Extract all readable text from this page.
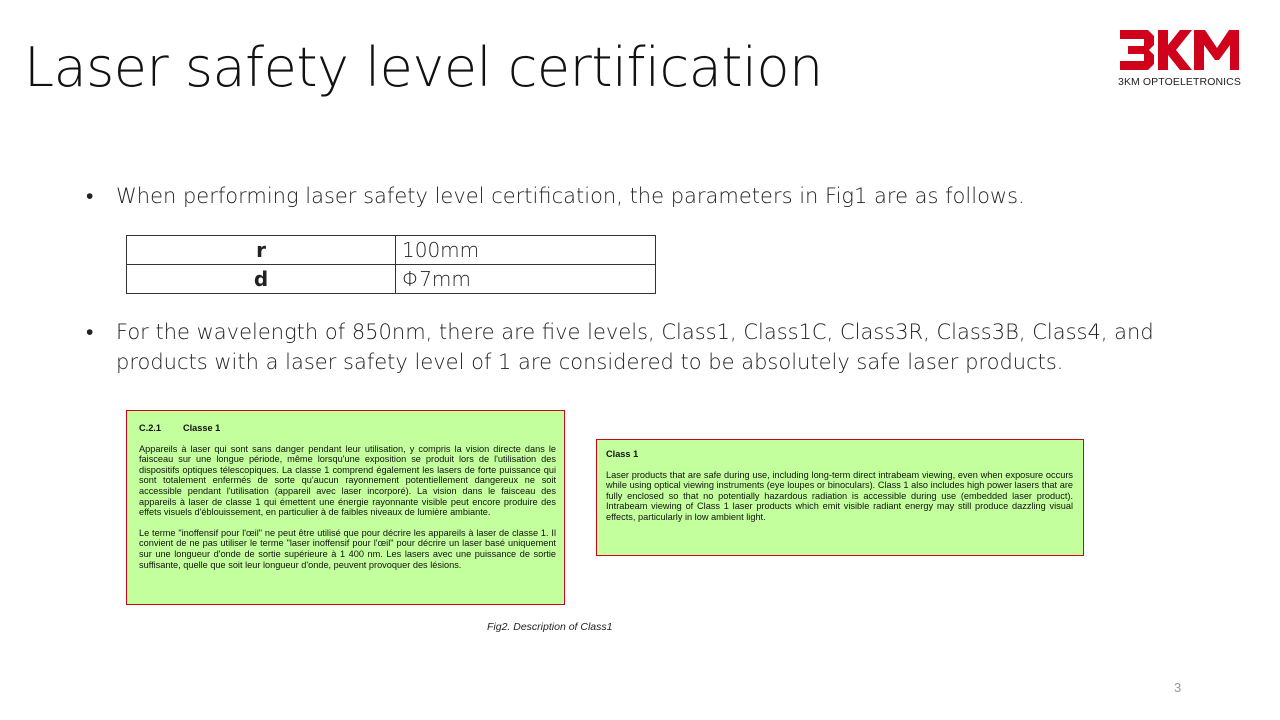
Laser safety level certification	3KM OPTOELETRONICS
• When performing laser safety level certification, the parameters in Fig1 are as follows.
r	100mm
d	Φ7mm
• For the wavelength of 850nm, there are five levels, Class1, Class1C, Class3R, Class3B, Class4, and products with a laser safety level of 1 are considered to be absolutely safe laser products.
C.2.1 Classe 1

Appareils à laser qui sont sans danger pendant leur utilisation, y compris la vision directe dans le faisceau sur une longue période, même lorsqu'une exposition se produit lors de l'utilisation des dispositifs optiques télescopiques. La classe 1 comprend également les lasers de forte puissance qui sont totalement enfermés de sorte qu'aucun rayonnement potentiellement dangereux ne soit accessible pendant l'utilisation (appareil avec laser incorporé). La vision dans le faisceau des appareils à laser de classe 1 qui émettent une énergie rayonnante visible peut encore produire des effets visuels d'éblouissement, en particulier à de faibles niveaux de lumière ambiante.

Le terme "inoffensif pour l'œil" ne peut être utilisé que pour décrire les appareils à laser de classe 1. Il convient de ne pas utiliser le terme "laser inoffensif pour l'œil" pour décrire un laser basé uniquement sur une longueur d'onde de sortie supérieure à 1 400 nm. Les lasers avec une puissance de sortie suffisante, quelle que soit leur longueur d'onde, peuvent provoquer des lésions.

Class 1

Laser products that are safe during use, including long-term direct intrabeam viewing, even when exposure occurs while using optical viewing instruments (eye loupes or binoculars). Class 1 also includes high power lasers that are fully enclosed so that no potentially hazardous radiation is accessible during use (embedded laser product). Intrabeam viewing of Class 1 laser products which emit visible radiant energy may still produce dazzling visual effects, particularly in low ambient light.

Fig2. Description of Class1
3
